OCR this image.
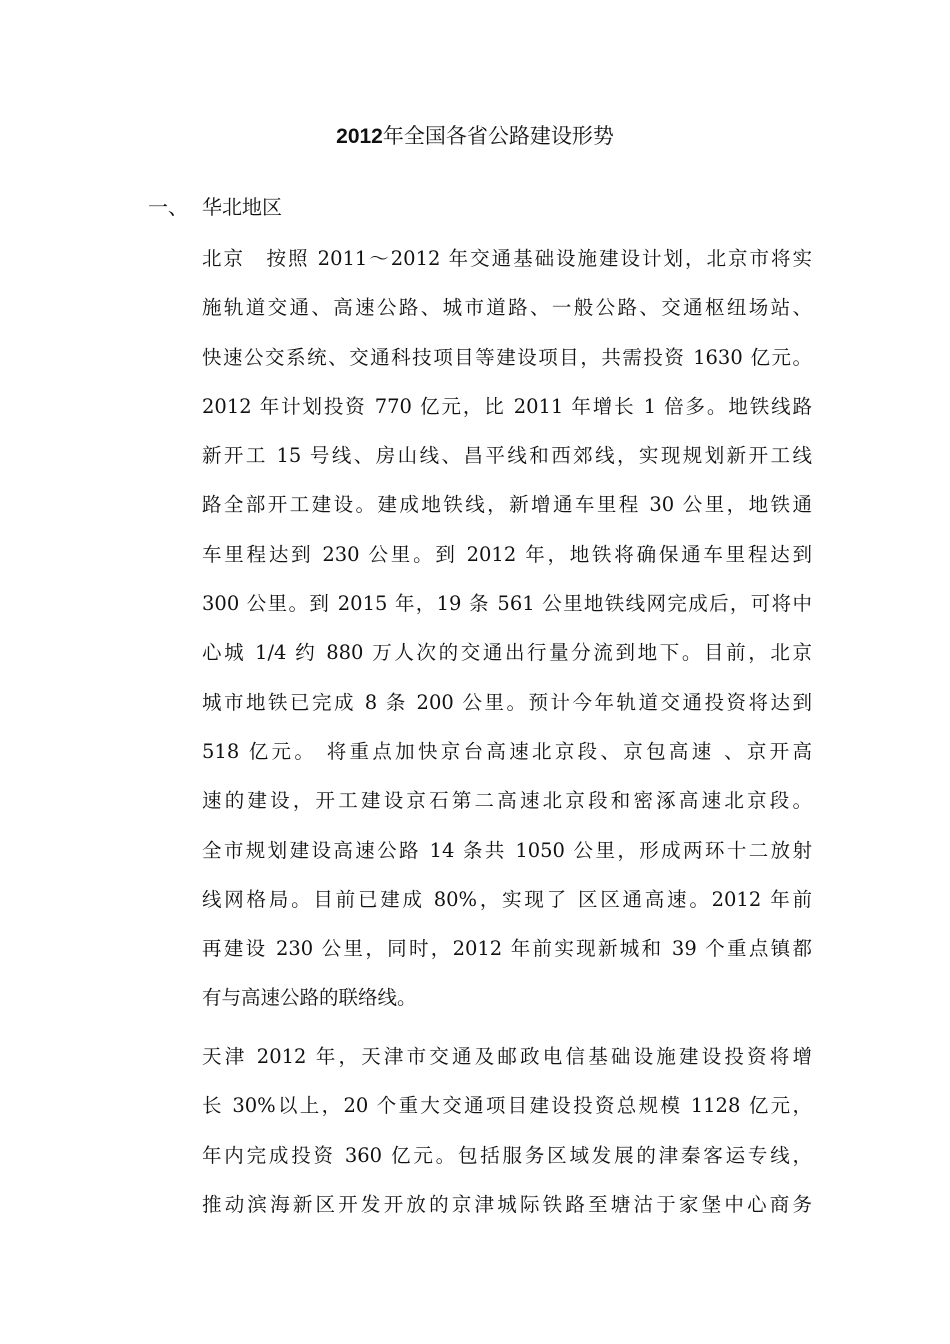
2012年全国各省公路建设形势
一、 华北地区
北京　按照 2011～2012 年交通基础设施建设计划，北京市将实
施轨道交通、高速公路、城市道路、一般公路、交通枢纽场站、
快速公交系统、交通科技项目等建设项目，共需投资 1630 亿元。
2012 年计划投资 770 亿元，比 2011 年增长 1 倍多。地铁线路
新开工 15 号线、房山线、昌平线和西郊线，实现规划新开工线
路全部开工建设。建成地铁线，新增通车里程 30 公里，地铁通
车里程达到 230 公里。到 2012 年，地铁将确保通车里程达到
300 公里。到 2015 年，19 条 561 公里地铁线网完成后，可将中
心城 1/4 约 880 万人次的交通出行量分流到地下。目前，北京
城市地铁已完成 8 条 200 公里。预计今年轨道交通投资将达到
518 亿元。 将重点加快京台高速北京段、京包高速 、京开高
速的建设，开工建设京石第二高速北京段和密涿高速北京段。
全市规划建设高速公路 14 条共 1050 公里，形成两环十二放射
线网格局。目前已建成 80%，实现了 区区通高速。2012 年前
再建设 230 公里，同时，2012 年前实现新城和 39 个重点镇都
有与高速公路的联络线。
天津 2012 年，天津市交通及邮政电信基础设施建设投资将增
长 30%以上，20 个重大交通项目建设投资总规模 1128 亿元，
年内完成投资 360 亿元。包括服务区域发展的津秦客运专线，
推动滨海新区开发开放的京津城际铁路至塘沽于家堡中心商务
